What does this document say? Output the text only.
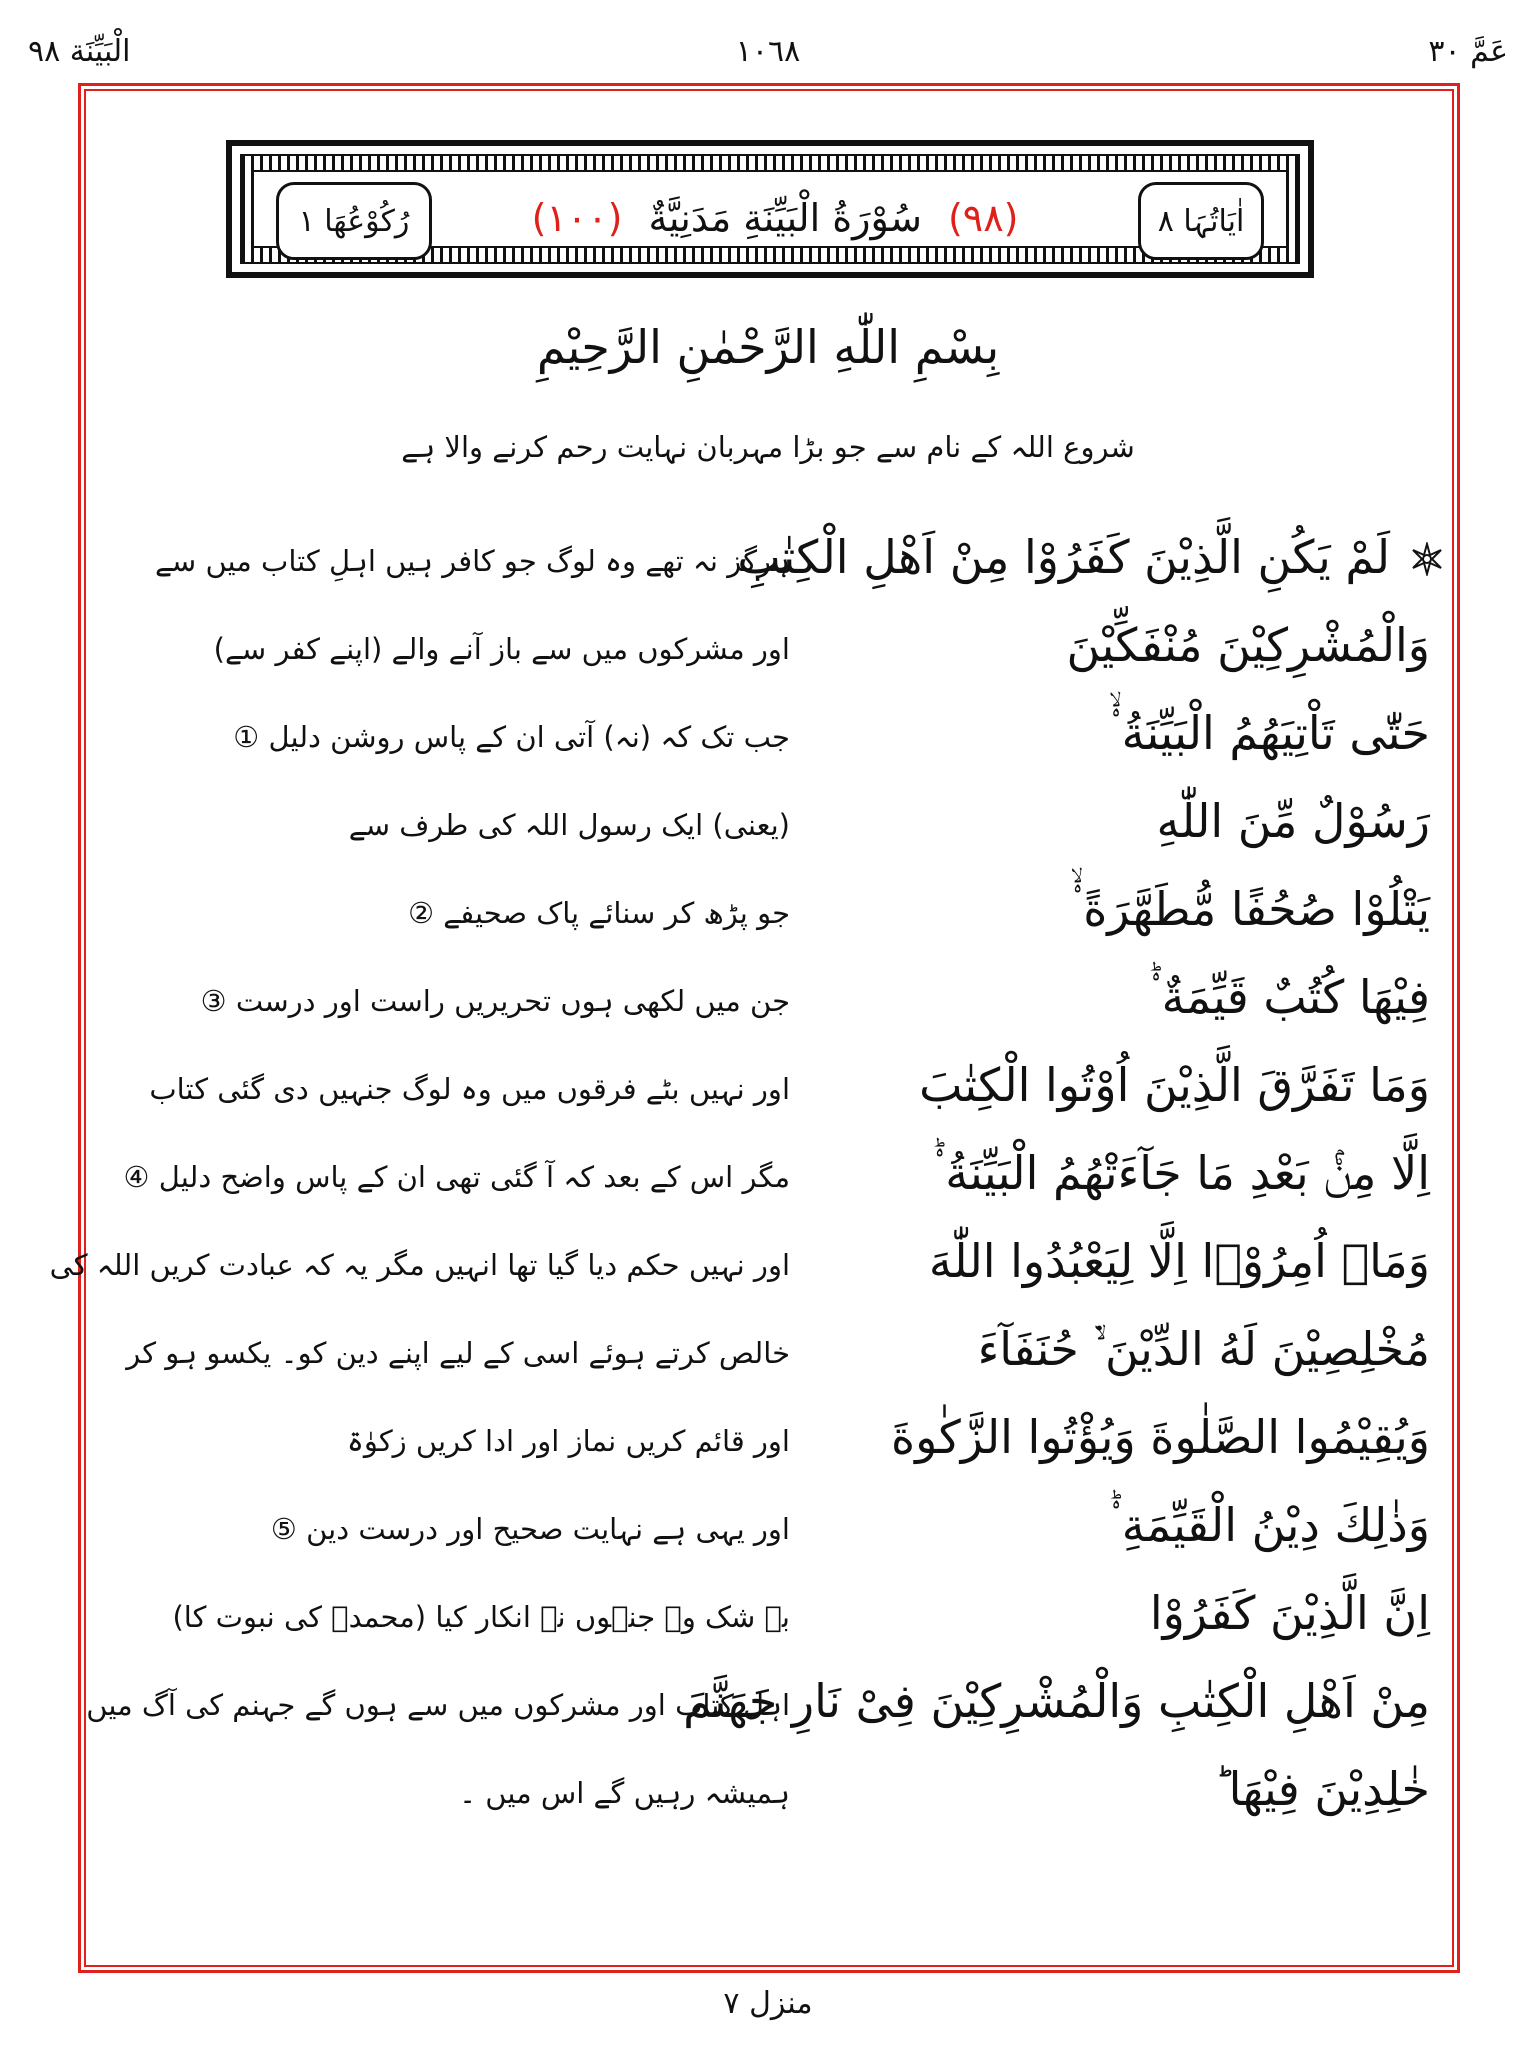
عَمَّ ٣٠
١٠٦٨
الْبَيِّنَة ٩٨
اٰیَاتُہَا ٨
(٩٨)
سُوْرَةُ الْبَیِّنَةِ مَدَنِیَّةٌ
(١٠٠)
رُکُوْعُهَا ١
بِسْمِ اللّٰهِ الرَّحْمٰنِ الرَّحِیْمِ
شروع اللہ کے نام سے جو بڑا مہربان نہایت رحم کرنے والا ہے
لَمْ یَكُنِ الَّذِیْنَ كَفَرُوْا مِنْ اَهْلِ الْكِتٰبِ
ہرگز نہ تھے وہ لوگ جو کافر ہیں اہلِ کتاب میں سے
وَالْمُشْرِكِیْنَ مُنْفَكِّیْنَ
اور مشرکوں میں سے باز آنے والے (اپنے کفر سے)
حَتّٰى تَاْتِیَهُمُ الْبَیِّنَةُ ۟ۙ
جب تک کہ (نہ) آتی ان کے پاس روشن دلیل ①
رَسُوْلٌ مِّنَ اللّٰهِ
(یعنی) ایک رسول اللہ کی طرف سے
یَتْلُوْا صُحُفًا مُّطَهَّرَةً ۟ۙ
جو پڑھ کر سنائے پاک صحیفے ②
فِیْهَا كُتُبٌ قَیِّمَةٌ ۟ؕ
جن میں لکھی ہوں تحریریں راست اور درست ③
وَمَا تَفَرَّقَ الَّذِیْنَ اُوْتُوا الْكِتٰبَ
اور نہیں بٹے فرقوں میں وہ لوگ جنہیں دی گئی کتاب
اِلَّا مِنْۢ بَعْدِ مَا جَآءَتْهُمُ الْبَیِّنَةُ ۟ؕ
مگر اس کے بعد کہ آ گئی تھی ان کے پاس واضح دلیل ④
وَمَاۤ اُمِرُوْۤا اِلَّا لِیَعْبُدُوا اللّٰهَ
اور نہیں حکم دیا گیا تھا انہیں مگر یہ کہ عبادت کریں اللہ کی
مُخْلِصِیْنَ لَهُ الدِّیْنَ ۙ۬ حُنَفَآءَ
خالص کرتے ہوئے اسی کے لیے اپنے دین کو۔ یکسو ہو کر
وَیُقِیْمُوا الصَّلٰوةَ وَیُؤْتُوا الزَّكٰوةَ
اور قائم کریں نماز اور ادا کریں زکوٰۃ
وَذٰلِكَ دِیْنُ الْقَیِّمَةِ ۟ؕ
اور یہی ہے نہایت صحیح اور درست دین ⑤
اِنَّ الَّذِیْنَ كَفَرُوْا
بے شک وہ جنہوں نے انکار کیا (محمدؐ کی نبوت کا)
مِنْ اَهْلِ الْكِتٰبِ وَالْمُشْرِكِیْنَ فِیْ نَارِ جَهَنَّمَ
اہل کتاب اور مشرکوں میں سے ہوں گے جہنم کی آگ میں
خٰلِدِیْنَ فِیْهَا ؕ
ہمیشہ رہیں گے اس میں ۔
منزل ۷
